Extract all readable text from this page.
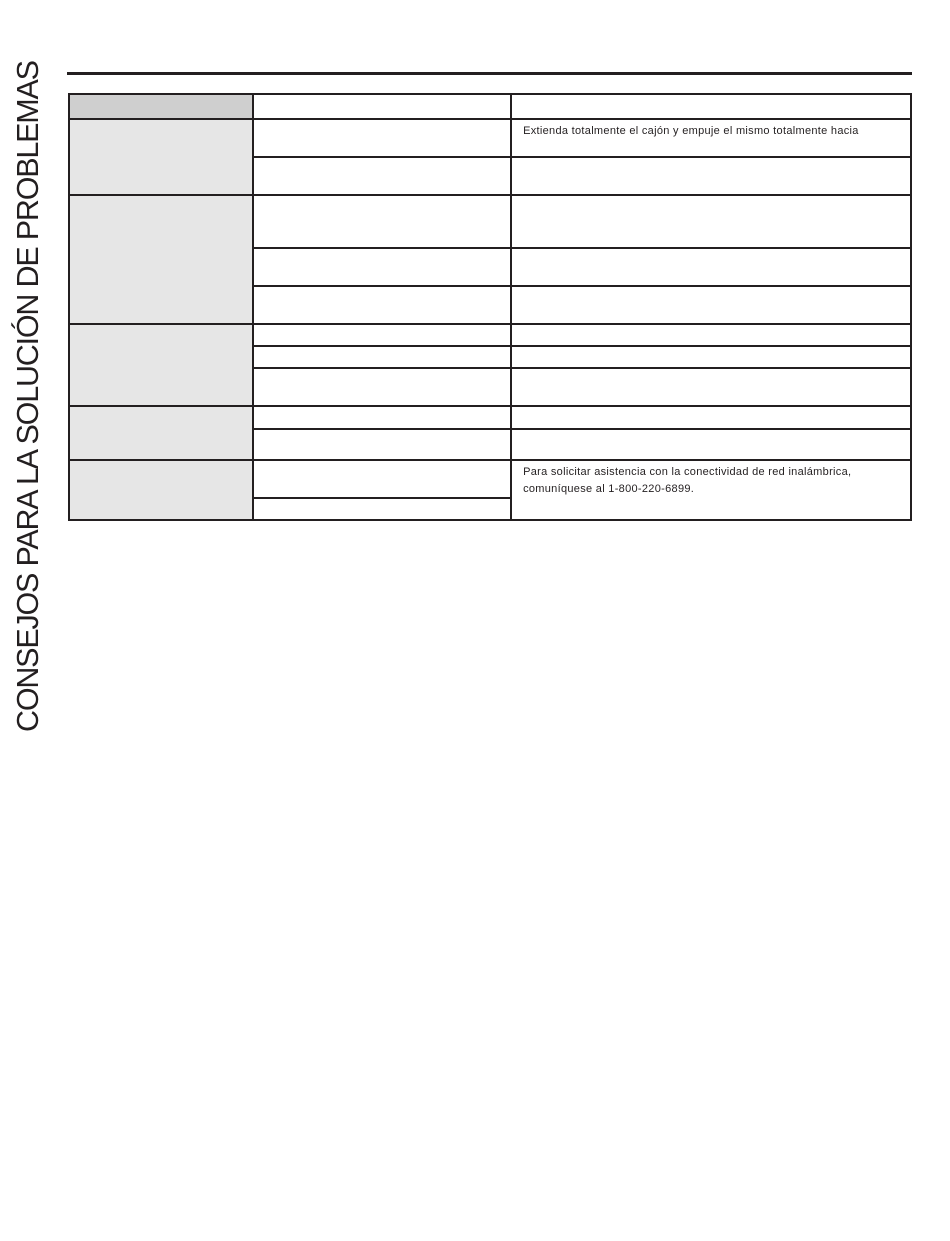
CONSEJOS PARA LA SOLUCIÓN DE PROBLEMAS

			Extienda totalmente el cajón y empuje el mismo totalmente hacia

		Para solicitar asistencia con la conectividad de red inalámbrica, comuníquese al 1-800-220-6899.
